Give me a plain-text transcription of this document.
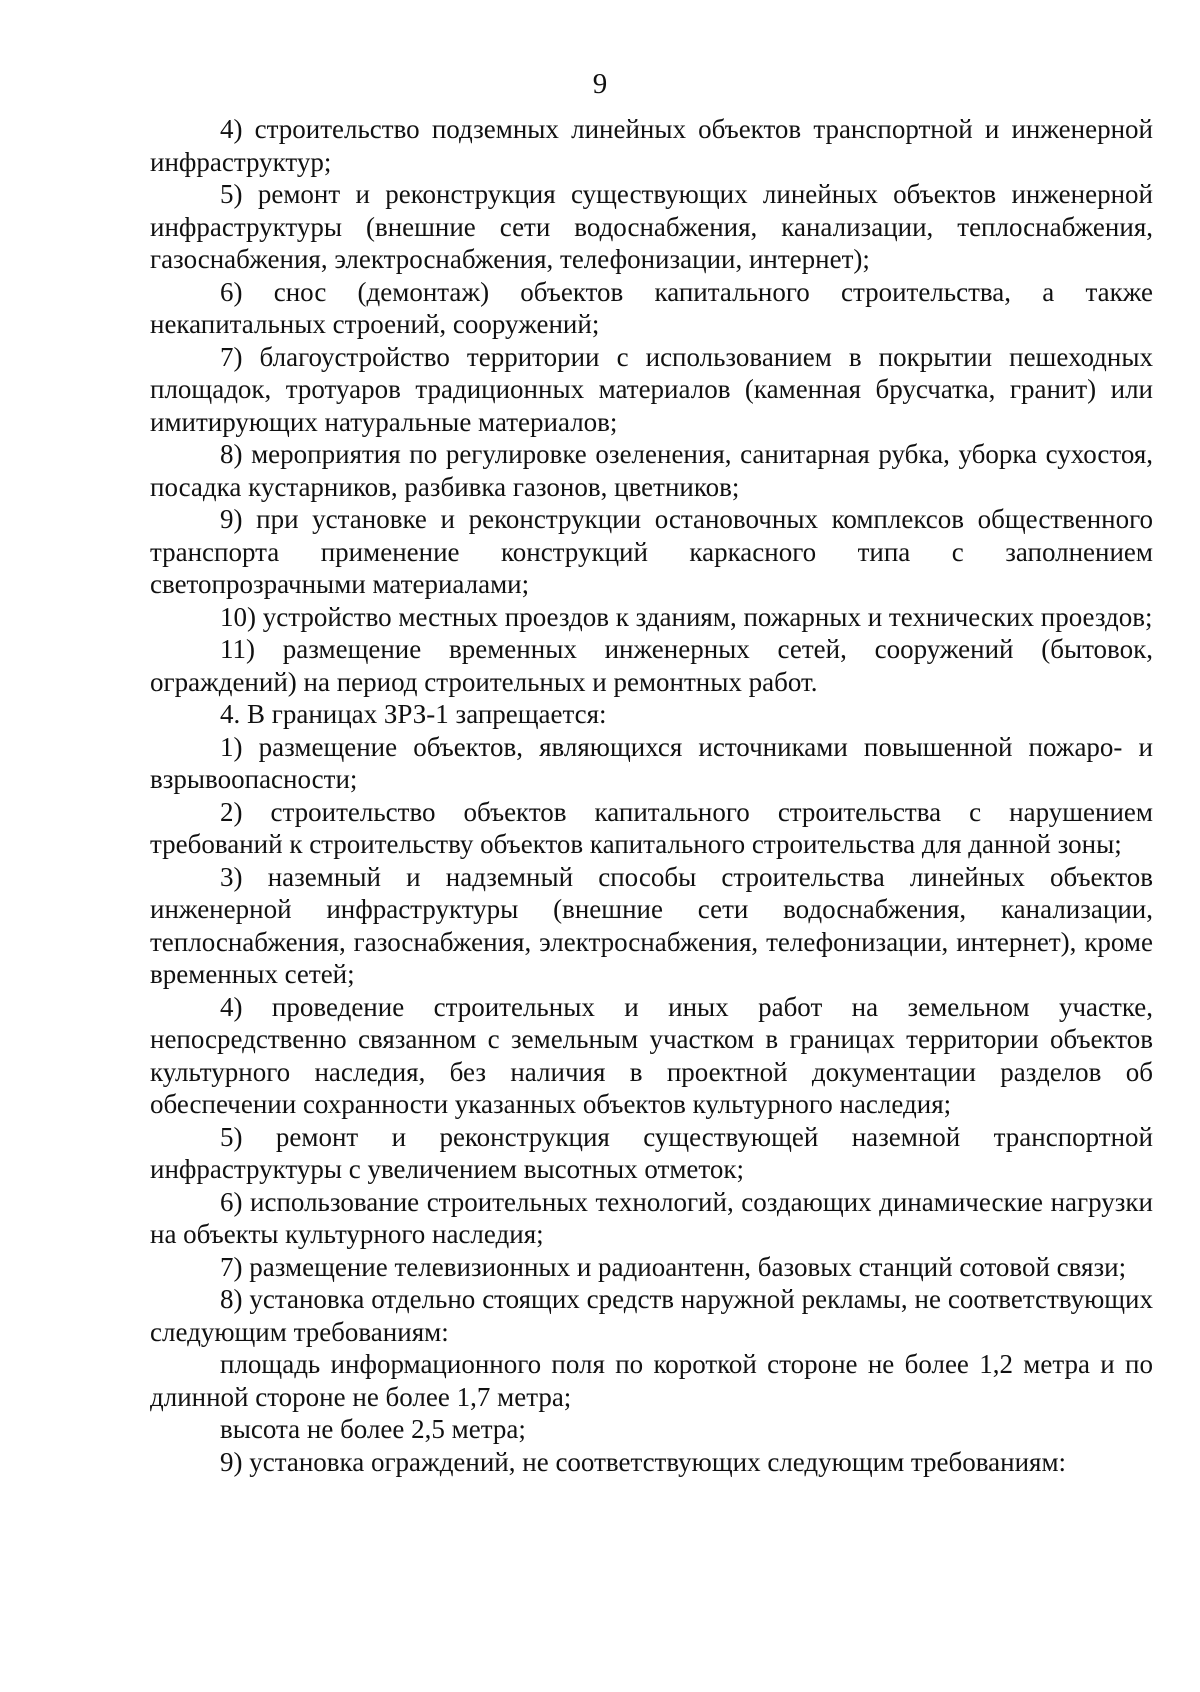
9

4) строительство подземных линейных объектов транспортной и инженерной инфраструктур;

5) ремонт и реконструкция существующих линейных объектов инженерной инфраструктуры (внешние сети водоснабжения, канализации, теплоснабжения, газоснабжения, электроснабжения, телефонизации, интернет);

6) снос (демонтаж) объектов капитального строительства, а также некапитальных строений, сооружений;

7) благоустройство территории с использованием в покрытии пешеходных площадок, тротуаров традиционных материалов (каменная брусчатка, гранит) или имитирующих натуральные материалов;

8) мероприятия по регулировке озеленения, санитарная рубка, уборка сухостоя, посадка кустарников, разбивка газонов, цветников;

9) при установке и реконструкции остановочных комплексов общественного транспорта применение конструкций каркасного типа с заполнением светопрозрачными материалами;

10) устройство местных проездов к зданиям, пожарных и технических проездов;

11) размещение временных инженерных сетей, сооружений (бытовок, ограждений) на период строительных и ремонтных работ.

4. В границах ЗРЗ-1 запрещается:

1) размещение объектов, являющихся источниками повышенной пожаро- и взрывоопасности;

2) строительство объектов капитального строительства с нарушением требований к строительству объектов капитального строительства для данной зоны;

3) наземный и надземный способы строительства линейных объектов инженерной инфраструктуры (внешние сети водоснабжения, канализации, теплоснабжения, газоснабжения, электроснабжения, телефонизации, интернет), кроме временных сетей;

4) проведение строительных и иных работ на земельном участке, непосредственно связанном с земельным участком в границах территории объектов культурного наследия, без наличия в проектной документации разделов об обеспечении сохранности указанных объектов культурного наследия;

5) ремонт и реконструкция существующей наземной транспортной инфраструктуры с увеличением высотных отметок;

6) использование строительных технологий, создающих динамические нагрузки на объекты культурного наследия;

7) размещение телевизионных и радиоантенн, базовых станций сотовой связи;

8) установка отдельно стоящих средств наружной рекламы, не соответствующих следующим требованиям:

площадь информационного поля по короткой стороне не более 1,2 метра и по длинной стороне не более 1,7 метра;

высота не более 2,5 метра;

9) установка ограждений, не соответствующих следующим требованиям:
